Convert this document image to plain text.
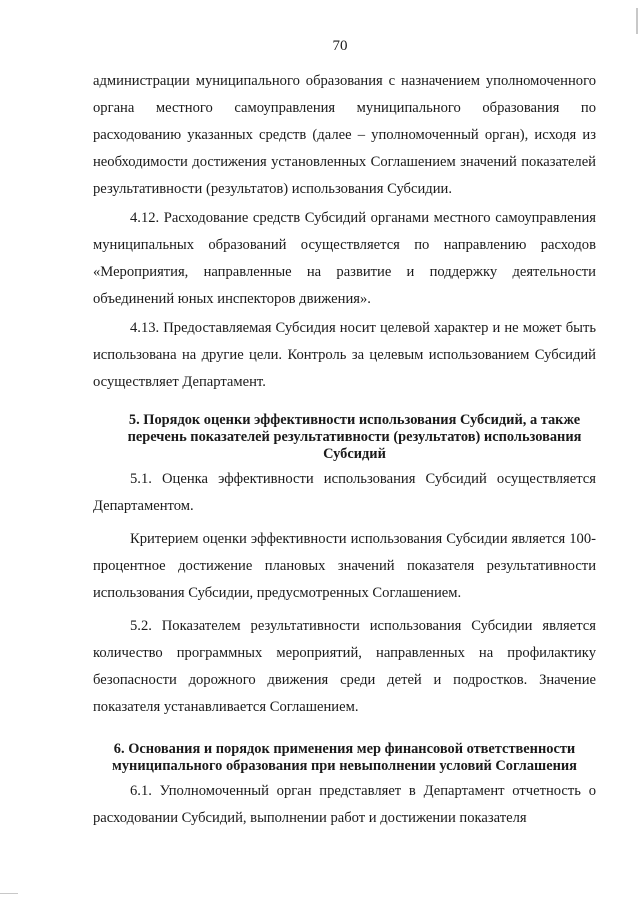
70

администрации муниципального образования с назначением уполномоченного органа местного самоуправления муниципального образования по расходованию указанных средств (далее – уполномоченный орган), исходя из необходимости достижения установленных Соглашением значений показателей результативности (результатов) использования Субсидии.

4.12. Расходование средств Субсидий органами местного самоуправления муниципальных образований осуществляется по направлению расходов «Мероприятия, направленные на развитие и поддержку деятельности объединений юных инспекторов движения».

4.13. Предоставляемая Субсидия носит целевой характер и не может быть использована на другие цели. Контроль за целевым использованием Субсидий осуществляет Департамент.

5. Порядок оценки эффективности использования Субсидий, а также перечень показателей результативности (результатов) использования Субсидий

5.1. Оценка эффективности использования Субсидий осуществляется Департаментом.

Критерием оценки эффективности использования Субсидии является 100-процентное достижение плановых значений показателя результативности использования Субсидии, предусмотренных Соглашением.

5.2. Показателем результативности использования Субсидии является количество программных мероприятий, направленных на профилактику безопасности дорожного движения среди детей и подростков. Значение показателя устанавливается Соглашением.

6. Основания и порядок применения мер финансовой ответственности муниципального образования при невыполнении условий Соглашения

6.1. Уполномоченный орган представляет в Департамент отчетность о расходовании Субсидий, выполнении работ и достижении показателя
